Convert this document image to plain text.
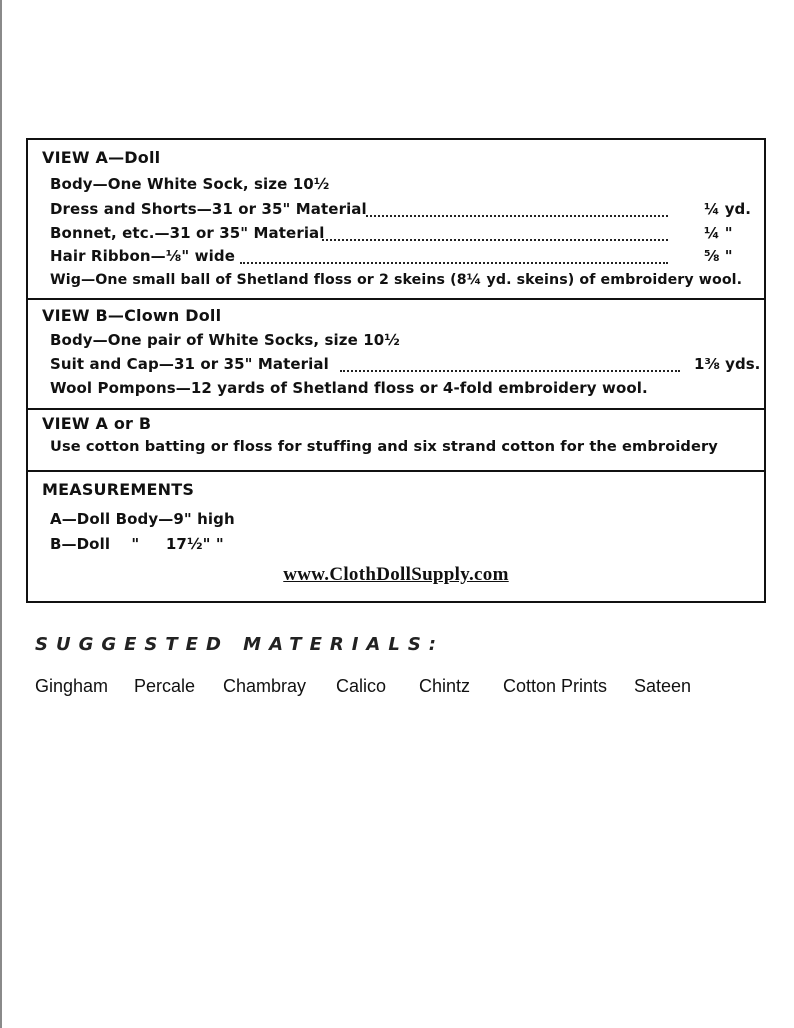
VIEW A—Doll
Body—One White Sock, size 10½
Dress and Shorts—31 or 35" Material	¼ yd.
Bonnet, etc.—31 or 35" Material	¼ "
Hair Ribbon—⅛" wide	⅝ "
Wig—One small ball of Shetland floss or 2 skeins (8¼ yd. skeins) of embroidery wool.
VIEW B—Clown Doll
Body—One pair of White Socks, size 10½
Suit and Cap—31 or 35" Material	1⅜ yds.
Wool Pompons—12 yards of Shetland floss or 4-fold embroidery wool.
VIEW A or B
Use cotton batting or floss for stuffing and six strand cotton for the embroidery
MEASUREMENTS
A—Doll Body—9" high
B—Doll    "     17½" "
www.ClothDollSupply.com
SUGGESTED MATERIALS:
Gingham Percale Chambray Calico Chintz Cotton Prints Sateen
